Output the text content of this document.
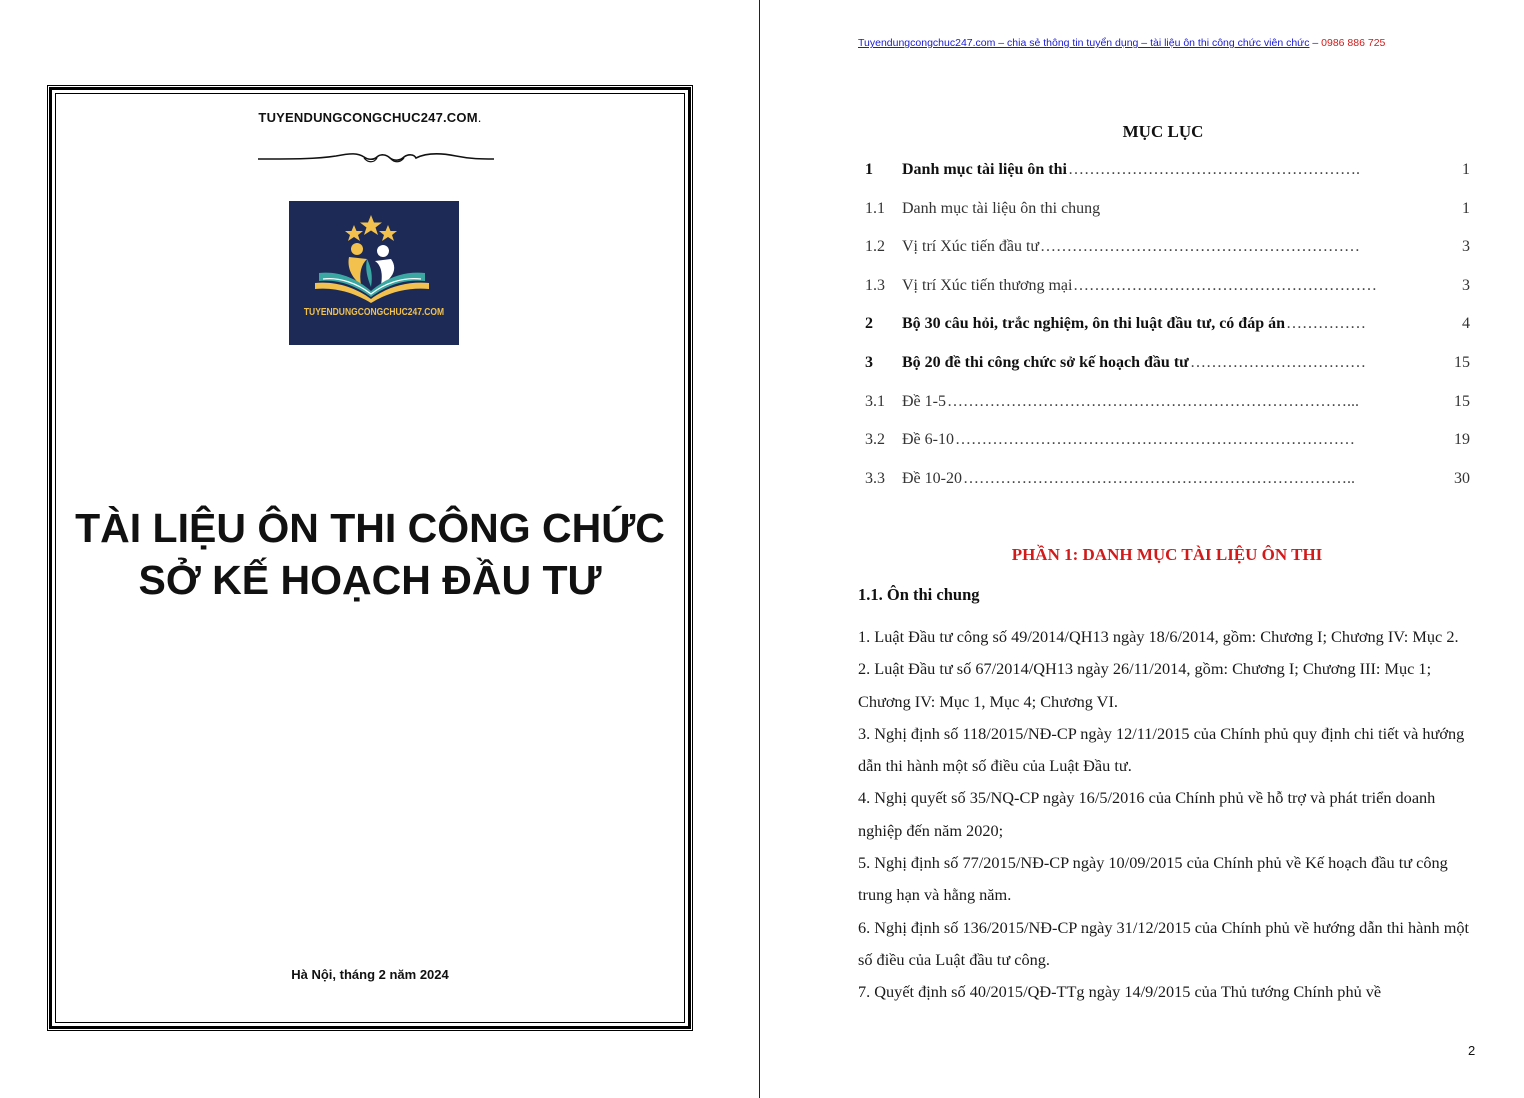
TUYENDUNGCONGCHUC247.COM.
TUYENDUNGCONGCHUC247.COM
TÀI LIỆU ÔN THI CÔNG CHỨC
SỞ KẾ HOẠCH ĐẦU TƯ
Hà Nội, tháng 2 năm 2024
Tuyendungcongchuc247.com – chia sẻ thông tin tuyển dụng – tài liệu ôn thi công chức viên chức – 0986 886 725
MỤC LỤC
1 Danh mục tài liệu ôn thi ……………………………………………….	1
1.1 Danh mục tài liệu ôn thi chung	1
1.2 Vị trí Xúc tiến đầu tư ……………………………………………………	3
1.3 Vị trí Xúc tiến thương mại …………………………………………………	3
2 Bộ 30 câu hỏi, trắc nghiệm, ôn thi luật đầu tư, có đáp án ……………	4
3 Bộ 20 đề thi công chức sở kế hoạch đầu tư ……………………………	15
3.1 Đề 1-5 …………………………………………………………………...	15
3.2 Đề 6-10 …………………………………………………………………	19
3.3 Đề 10-20 ………………………………………………………………..	30
PHẦN 1: DANH MỤC TÀI LIỆU ÔN THI
1.1. Ôn thi chung

1. Luật Đầu tư công số 49/2014/QH13 ngày 18/6/2014, gồm: Chương I; Chương IV: Mục 2.

2. Luật Đầu tư số 67/2014/QH13 ngày 26/11/2014, gồm: Chương I; Chương III: Mục 1; Chương IV: Mục 1, Mục 4; Chương VI.

3. Nghị định số 118/2015/NĐ-CP ngày 12/11/2015 của Chính phủ quy định chi tiết và hướng dẫn thi hành một số điều của Luật Đầu tư.

4. Nghị quyết số 35/NQ-CP ngày 16/5/2016 của Chính phủ về hỗ trợ và phát triển doanh nghiệp đến năm 2020;

5. Nghị định số 77/2015/NĐ-CP ngày 10/09/2015 của Chính phủ về Kế hoạch đầu tư công trung hạn và hằng năm.

6. Nghị định số 136/2015/NĐ-CP ngày 31/12/2015 của Chính phủ về hướng dẫn thi hành một số điều của Luật đầu tư công.

7. Quyết định số 40/2015/QĐ-TTg ngày 14/9/2015 của Thủ tướng Chính phủ về

2
